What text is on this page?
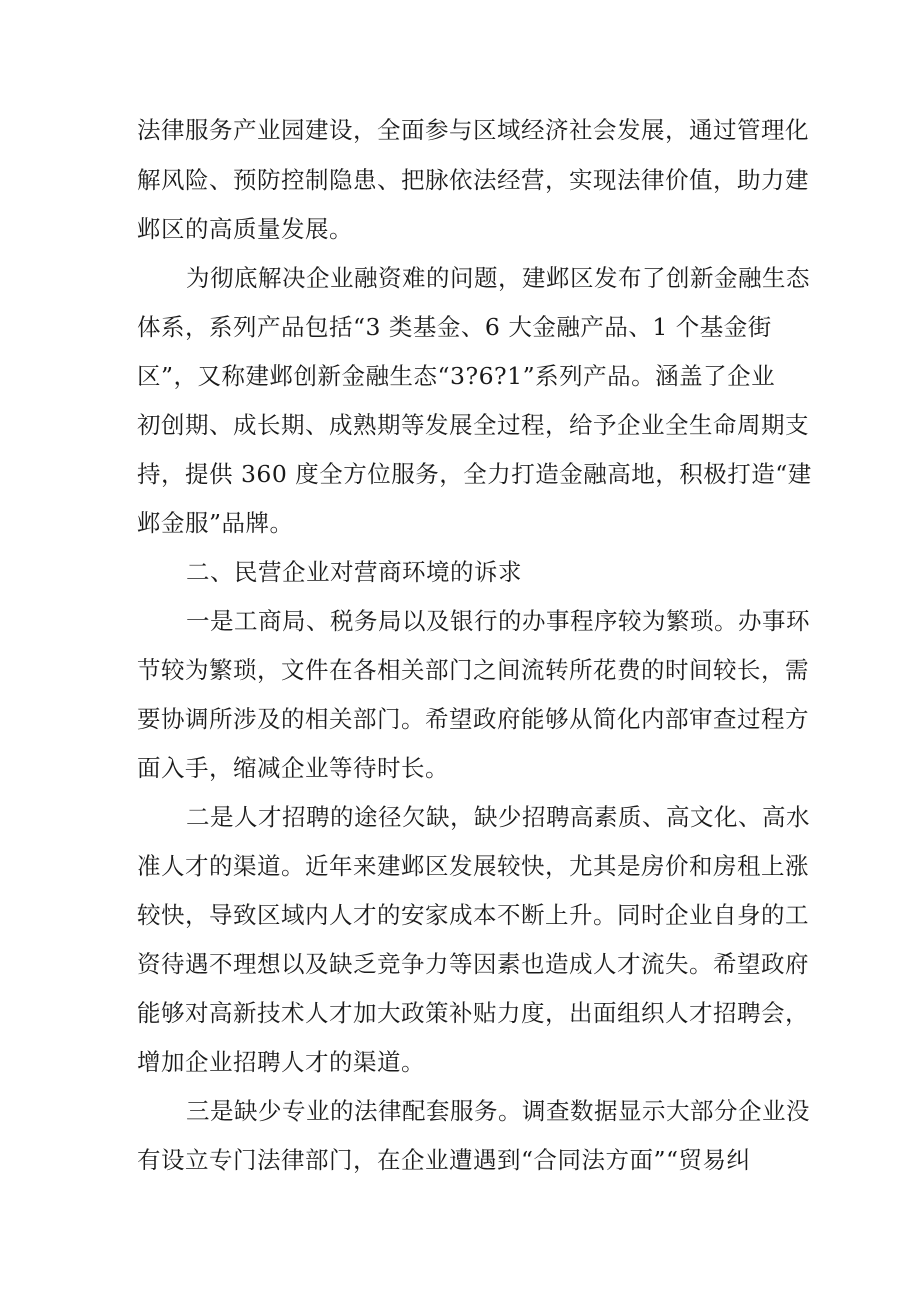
法律服务产业园建设，全面参与区域经济社会发展，通过管理化
解风险、预防控制隐患、把脉依法经营，实现法律价值，助力建
邺区的高质量发展。
为彻底解决企业融资难的问题，建邺区发布了创新金融生态
体系，系列产品包括“3 类基金、6 大金融产品、1 个基金街
区”，又称建邺创新金融生态“3?6?1”系列产品。涵盖了企业
初创期、成长期、成熟期等发展全过程，给予企业全生命周期支
持，提供 360 度全方位服务，全力打造金融高地，积极打造“建
邺金服”品牌。
二、民营企业对营商环境的诉求
一是工商局、税务局以及银行的办事程序较为繁琐。办事环
节较为繁琐，文件在各相关部门之间流转所花费的时间较长，需
要协调所涉及的相关部门。希望政府能够从简化内部审查过程方
面入手，缩减企业等待时长。
二是人才招聘的途径欠缺，缺少招聘高素质、高文化、高水
准人才的渠道。近年来建邺区发展较快，尤其是房价和房租上涨
较快，导致区域内人才的安家成本不断上升。同时企业自身的工
资待遇不理想以及缺乏竞争力等因素也造成人才流失。希望政府
能够对高新技术人才加大政策补贴力度，出面组织人才招聘会，
增加企业招聘人才的渠道。
三是缺少专业的法律配套服务。调查数据显示大部分企业没
有设立专门法律部门，在企业遭遇到“合同法方面”“贸易纠
